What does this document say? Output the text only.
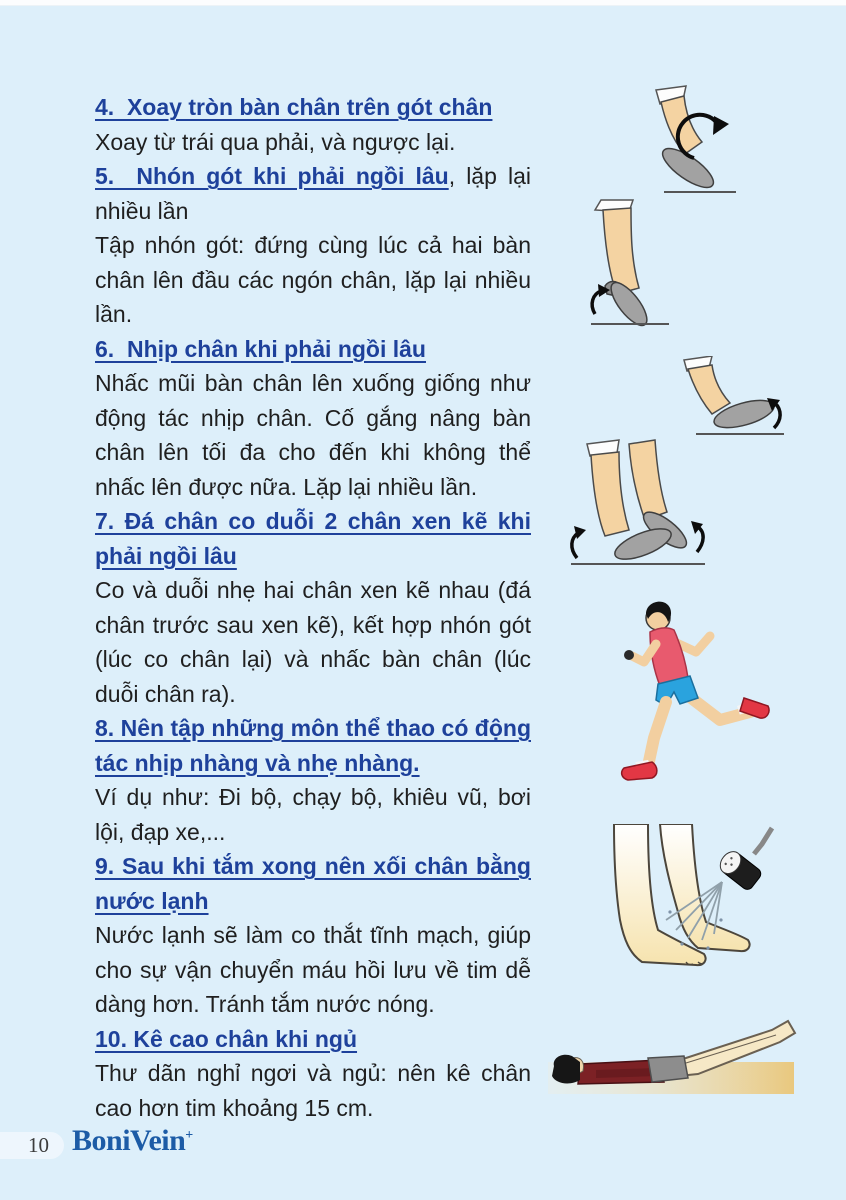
4.  Xoay tròn bàn chân trên gót chân

Xoay từ trái qua phải, và ngược lại.

5.  Nhón gót khi phải ngồi lâu, lặp lại nhiều lần

Tập nhón gót: đứng cùng lúc cả hai bàn chân lên đầu các ngón chân, lặp lại nhiều lần.

6.  Nhịp chân khi phải ngồi lâu

Nhấc mũi bàn chân lên xuống giống như động tác nhịp chân. Cố gắng nâng bàn chân lên tối đa cho đến khi không thể nhấc lên được nữa. Lặp lại nhiều lần.

7. Đá chân co duỗi 2 chân xen kẽ khi phải ngồi lâu

Co và duỗi nhẹ hai chân xen kẽ nhau (đá chân trước sau xen kẽ), kết hợp nhón gót (lúc co chân lại) và nhấc bàn chân (lúc duỗi chân ra).

8. Nên tập những môn thể thao có động tác nhịp nhàng và nhẹ nhàng.

Ví dụ như: Đi bộ, chạy bộ, khiêu vũ, bơi lội, đạp xe,...

9. Sau khi tắm xong nên xối chân bằng nước lạnh

Nước lạnh sẽ làm co thắt tĩnh mạch, giúp cho sự vận chuyển máu hồi lưu về tim dễ dàng hơn. Tránh tắm nước nóng.

10. Kê cao chân khi ngủ

Thư dãn nghỉ ngơi và ngủ: nên kê chân cao hơn tim khoảng 15 cm.

10 BoniVein+
